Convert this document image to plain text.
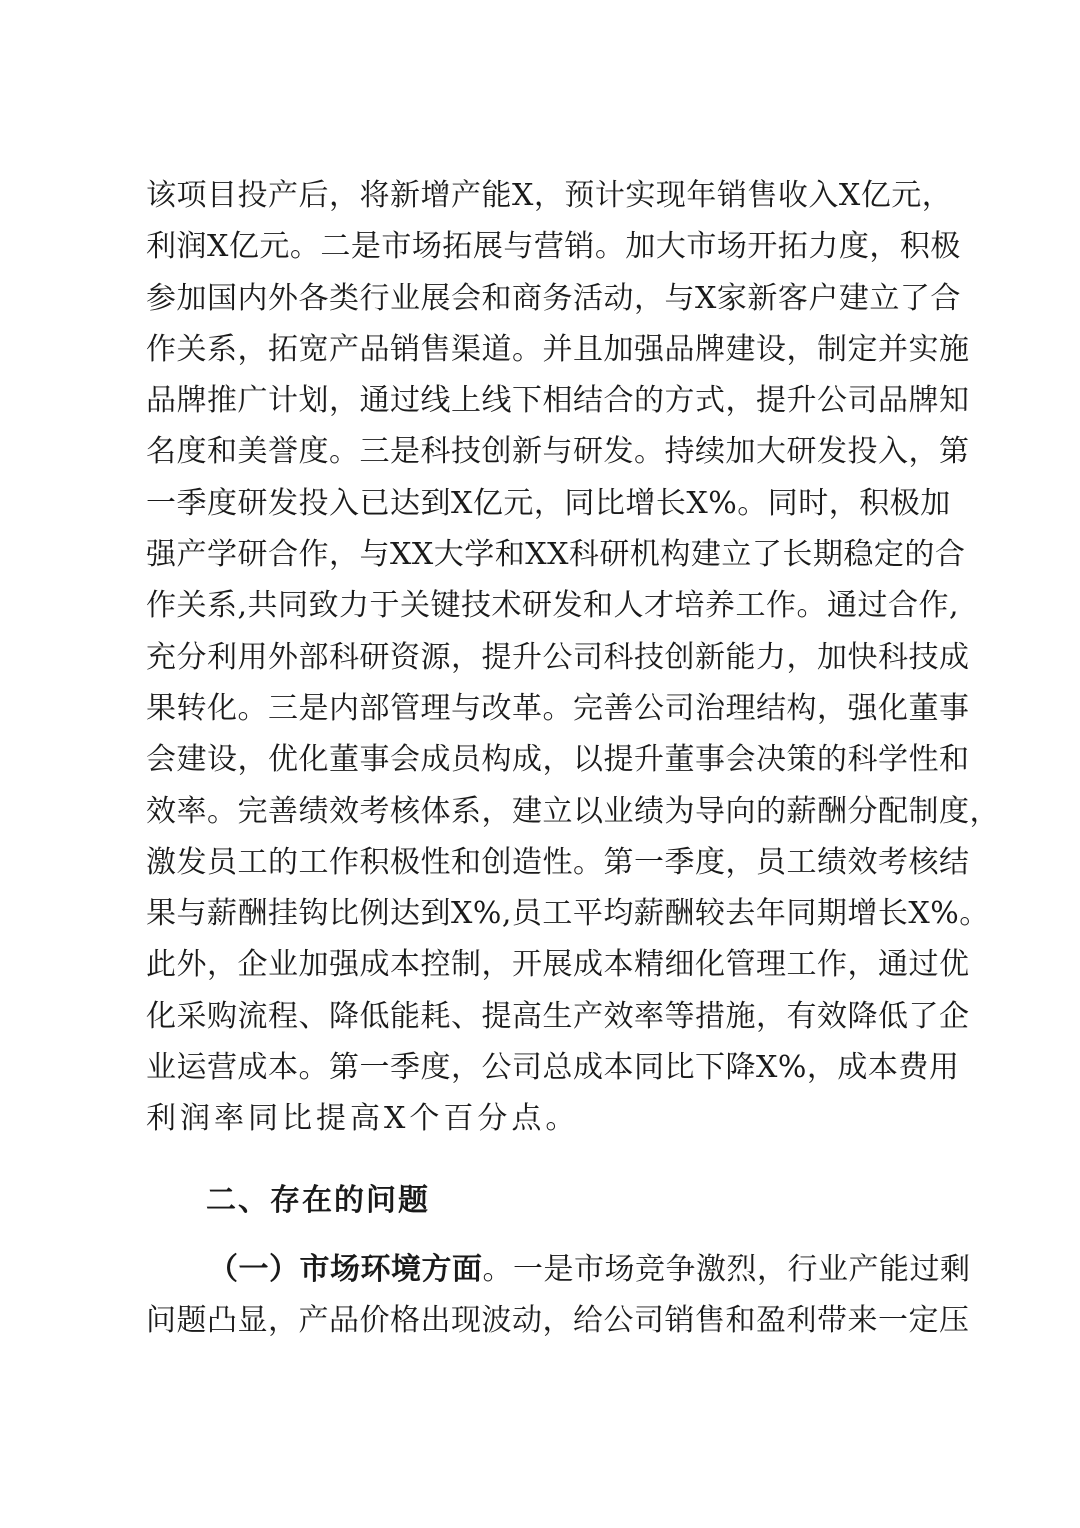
该项目投产后，将新增产能X，预计实现年销售收入X亿元，
利润X亿元。二是市场拓展与营销。加大市场开拓力度，积极
参加国内外各类行业展会和商务活动，与X家新客户建立了合
作关系，拓宽产品销售渠道。并且加强品牌建设，制定并实施
品牌推广计划，通过线上线下相结合的方式，提升公司品牌知
名度和美誉度。三是科技创新与研发。持续加大研发投入，第
一季度研发投入已达到X亿元，同比增长X%。同时，积极加
强产学研合作，与XX大学和XX科研机构建立了长期稳定的合
作关系,共同致力于关键技术研发和人才培养工作。通过合作,
充分利用外部科研资源，提升公司科技创新能力，加快科技成
果转化。三是内部管理与改革。完善公司治理结构，强化董事
会建设，优化董事会成员构成，以提升董事会决策的科学性和
效率。完善绩效考核体系，建立以业绩为导向的薪酬分配制度，
激发员工的工作积极性和创造性。第一季度，员工绩效考核结
果与薪酬挂钩比例达到X%,员工平均薪酬较去年同期增长X%。
此外，企业加强成本控制，开展成本精细化管理工作，通过优
化采购流程、降低能耗、提高生产效率等措施，有效降低了企
业运营成本。第一季度，公司总成本同比下降X%，成本费用
利润率同比提高X个百分点。
二、存在的问题
（一）市场环境方面。一是市场竞争激烈，行业产能过剩
问题凸显，产品价格出现波动，给公司销售和盈利带来一定压
